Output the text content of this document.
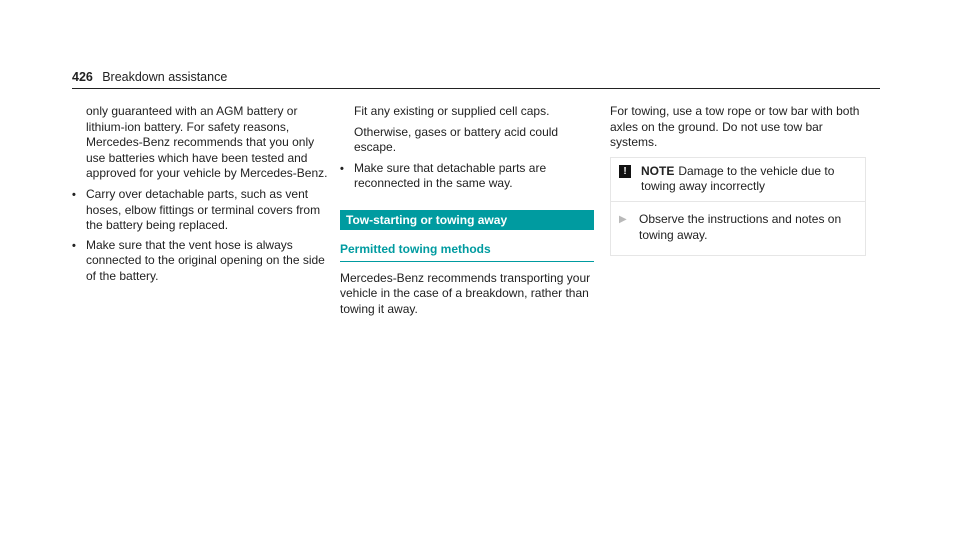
426 Breakdown assistance

only guaranteed with an AGM battery or lithium-ion battery. For safety reasons, Mercedes-Benz recommends that you only use batteries which have been tested and approved for your vehicle by Mercedes-Benz.

• Carry over detachable parts, such as vent hoses, elbow fittings or terminal covers from the battery being replaced.
• Make sure that the vent hose is always connected to the original opening on the side of the battery.

Fit any existing or supplied cell caps.

Otherwise, gases or battery acid could escape.

• Make sure that detachable parts are reconnected in the same way.
Tow-starting or towing away
Permitted towing methods

Mercedes-Benz recommends transporting your vehicle in the case of a breakdown, rather than towing it away.

For towing, use a tow rope or tow bar with both axles on the ground. Do not use tow bar systems.

!	NOTE Damage to the vehicle due to towing away incorrectly
▶ Observe the instructions and notes on towing away.
